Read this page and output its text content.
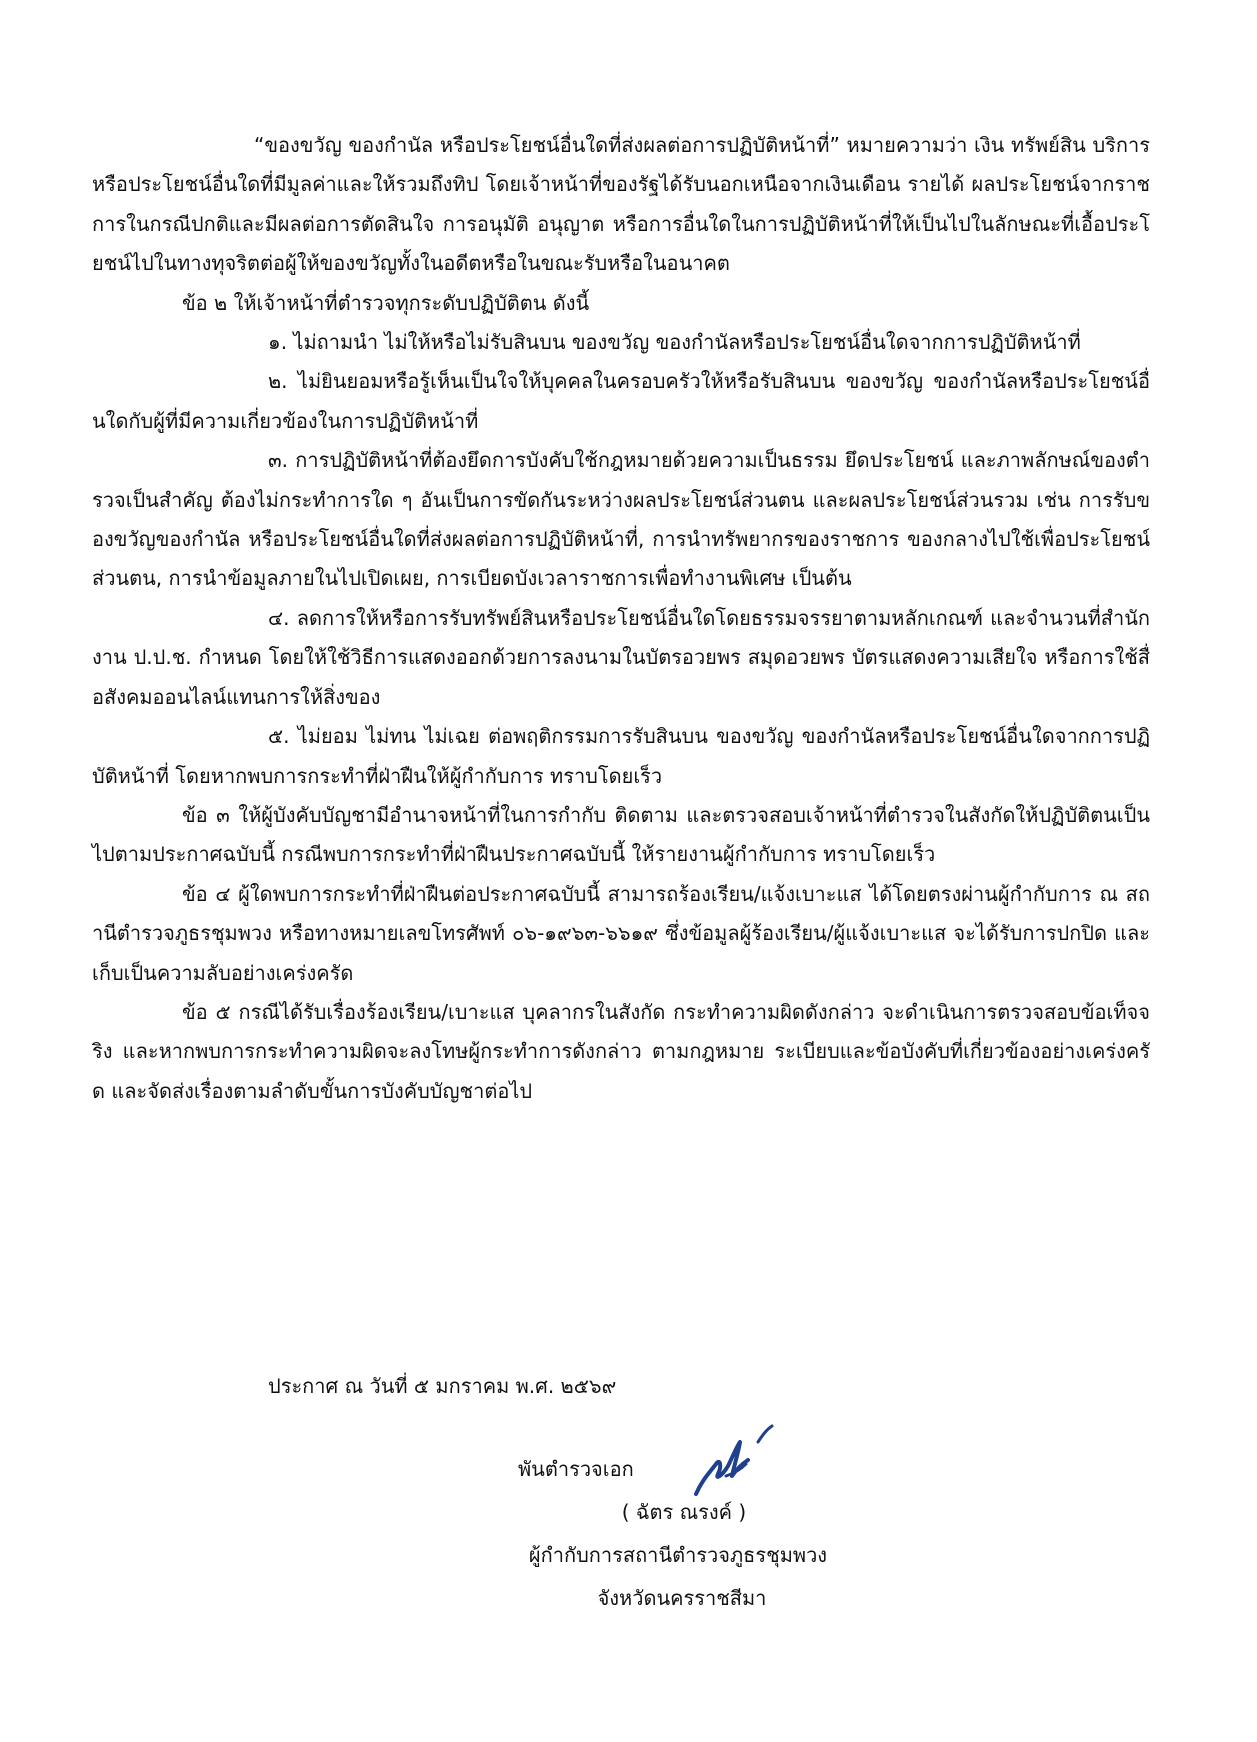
“ของขวัญ ของกำนัล หรือประโยชน์อื่นใดที่ส่งผลต่อการปฏิบัติหน้าที่” หมายความว่า เงิน ทรัพย์สิน บริการหรือประโยชน์อื่นใดที่มีมูลค่าและให้รวมถึงทิป โดยเจ้าหน้าที่ของรัฐได้รับนอกเหนือจากเงินเดือน รายได้ ผลประโยชน์จากราชการในกรณีปกติและมีผลต่อการตัดสินใจ การอนุมัติ อนุญาต หรือการอื่นใดในการปฏิบัติหน้าที่ให้เป็นไปในลักษณะที่เอื้อประโยชน์ไปในทางทุจริตต่อผู้ให้ของขวัญทั้งในอดีตหรือในขณะรับหรือในอนาคต

ข้อ ๒ ให้เจ้าหน้าที่ตำรวจทุกระดับปฏิบัติตน ดังนี้

๑. ไม่ถามนำ ไม่ให้หรือไม่รับสินบน ของขวัญ ของกำนัลหรือประโยชน์อื่นใดจากการปฏิบัติหน้าที่

๒. ไม่ยินยอมหรือรู้เห็นเป็นใจให้บุคคลในครอบครัวให้หรือรับสินบน ของขวัญ ของกำนัลหรือประโยชน์อื่นใดกับผู้ที่มีความเกี่ยวข้องในการปฏิบัติหน้าที่

๓. การปฏิบัติหน้าที่ต้องยึดการบังคับใช้กฎหมายด้วยความเป็นธรรม ยึดประโยชน์ และภาพลักษณ์ของตำรวจเป็นสำคัญ ต้องไม่กระทำการใด ๆ อันเป็นการขัดกันระหว่างผลประโยชน์ส่วนตน และผลประโยชน์ส่วนรวม เช่น การรับของขวัญของกำนัล หรือประโยชน์อื่นใดที่ส่งผลต่อการปฏิบัติหน้าที่, การนำทรัพยากรของราชการ ของกลางไปใช้เพื่อประโยชน์ส่วนตน, การนำข้อมูลภายในไปเปิดเผย, การเบียดบังเวลาราชการเพื่อทำงานพิเศษ เป็นต้น

๔. ลดการให้หรือการรับทรัพย์สินหรือประโยชน์อื่นใดโดยธรรมจรรยาตามหลักเกณฑ์ และจำนวนที่สำนักงาน ป.ป.ช. กำหนด โดยให้ใช้วิธีการแสดงออกด้วยการลงนามในบัตรอวยพร สมุดอวยพร บัตรแสดงความเสียใจ หรือการใช้สื่อสังคมออนไลน์แทนการให้สิ่งของ

๕. ไม่ยอม ไม่ทน ไม่เฉย ต่อพฤติกรรมการรับสินบน ของขวัญ ของกำนัลหรือประโยชน์อื่นใดจากการปฏิบัติหน้าที่ โดยหากพบการกระทำที่ฝ่าฝืนให้ผู้กำกับการ ทราบโดยเร็ว

ข้อ ๓ ให้ผู้บังคับบัญชามีอำนาจหน้าที่ในการกำกับ ติดตาม และตรวจสอบเจ้าหน้าที่ตำรวจในสังกัดให้ปฏิบัติตนเป็นไปตามประกาศฉบับนี้ กรณีพบการกระทำที่ฝ่าฝืนประกาศฉบับนี้ ให้รายงานผู้กำกับการ ทราบโดยเร็ว

ข้อ ๔ ผู้ใดพบการกระทำที่ฝ่าฝืนต่อประกาศฉบับนี้ สามารถร้องเรียน/แจ้งเบาะแส ได้โดยตรงผ่านผู้กำกับการ ณ สถานีตำรวจภูธรชุมพวง หรือทางหมายเลขโทรศัพท์ ๐๖-๑๙๖๓-๖๖๑๙ ซึ่งข้อมูลผู้ร้องเรียน/ผู้แจ้งเบาะแส จะได้รับการปกปิด และเก็บเป็นความลับอย่างเคร่งครัด

ข้อ ๕ กรณีได้รับเรื่องร้องเรียน/เบาะแส บุคลากรในสังกัด กระทำความผิดดังกล่าว จะดำเนินการตรวจสอบข้อเท็จจริง และหากพบการกระทำความผิดจะลงโทษผู้กระทำการดังกล่าว ตามกฎหมาย ระเบียบและข้อบังคับที่เกี่ยวข้องอย่างเคร่งครัด และจัดส่งเรื่องตามลำดับขั้นการบังคับบัญชาต่อไป

ประกาศ ณ วันที่ ๕ มกราคม พ.ศ. ๒๕๖๙
พันตำรวจเอก
( ฉัตร ณรงค์ )
ผู้กำกับการสถานีตำรวจภูธรชุมพวง
จังหวัดนครราชสีมา
